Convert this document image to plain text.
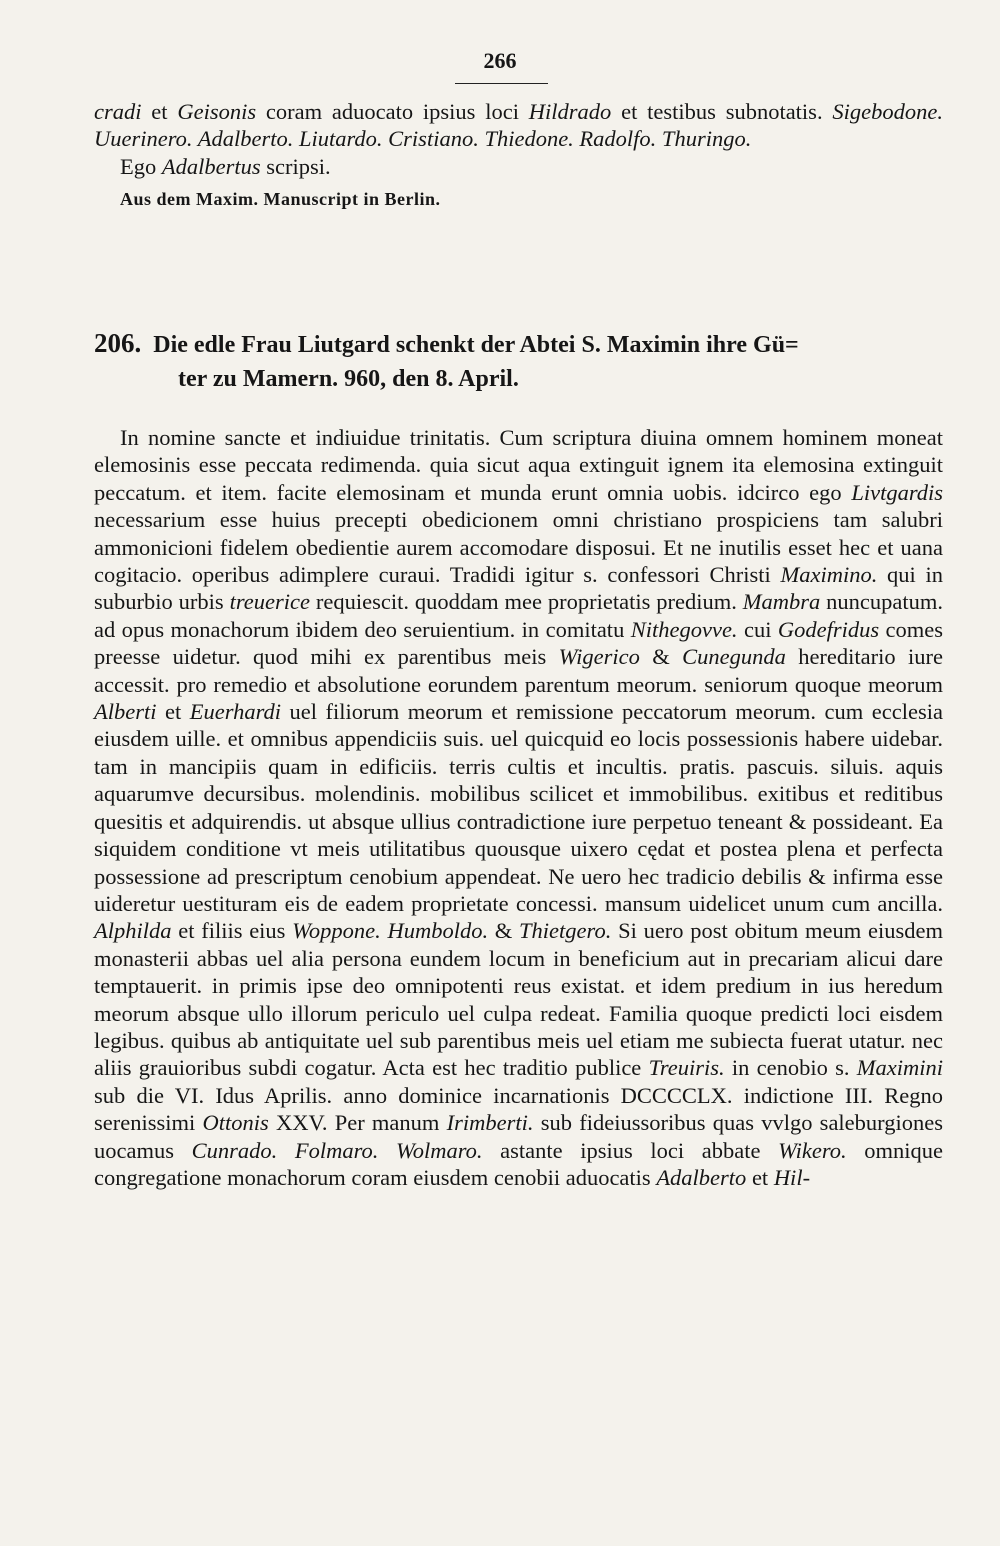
266

cradi et Geisonis coram aduocato ipsius loci Hildrado et testibus subnotatis. Sigebodone. Uuerinero. Adalberto. Liutardo. Cristiano. Thiedone. Radolfo. Thuringo.

Ego Adalbertus scripsi.

Aus dem Maxim. Manuscript in Berlin.

206. Die edle Frau Liutgard schenkt der Abtei S. Maximin ihre Gü=
ter zu Mamern. 960, den 8. April.

In nomine sancte et indiuidue trinitatis. Cum scriptura diuina omnem hominem moneat elemosinis esse peccata redimenda. quia sicut aqua extinguit ignem ita elemosina extinguit peccatum. et item. facite elemosinam et munda erunt omnia uobis. idcirco ego Livtgardis necessarium esse huius precepti obedicionem omni christiano prospiciens tam salubri ammonicioni fidelem obedientie aurem accomodare disposui. Et ne inutilis esset hec et uana cogitacio. operibus adimplere curaui. Tradidi igitur s. confessori Christi Maximino. qui in suburbio urbis treuerice requiescit. quoddam mee proprietatis predium. Mambra nuncupatum. ad opus monachorum ibidem deo seruientium. in comitatu Nithegovve. cui Godefridus comes preesse uidetur. quod mihi ex parentibus meis Wigerico & Cunegunda hereditario iure accessit. pro remedio et absolutione eorundem parentum meorum. seniorum quoque meorum Alberti et Euerhardi uel filiorum meorum et remissione peccatorum meorum. cum ecclesia eiusdem uille. et omnibus appendiciis suis. uel quicquid eo locis possessionis habere uidebar. tam in mancipiis quam in edificiis. terris cultis et incultis. pratis. pascuis. siluis. aquis aquarumve decursibus. molendinis. mobilibus scilicet et immobilibus. exitibus et reditibus quesitis et adquirendis. ut absque ullius contradictione iure perpetuo teneant & possideant. Ea siquidem conditione vt meis utilitatibus quousque uixero cędat et postea plena et perfecta possessione ad prescriptum cenobium appendeat. Ne uero hec tradicio debilis & infirma esse uideretur uestituram eis de eadem proprietate concessi. mansum uidelicet unum cum ancilla. Alphilda et filiis eius Woppone. Humboldo. & Thietgero. Si uero post obitum meum eiusdem monasterii abbas uel alia persona eundem locum in beneficium aut in precariam alicui dare temptauerit. in primis ipse deo omnipotenti reus existat. et idem predium in ius heredum meorum absque ullo illorum periculo uel culpa redeat. Familia quoque predicti loci eisdem legibus. quibus ab antiquitate uel sub parentibus meis uel etiam me subiecta fuerat utatur. nec aliis grauioribus subdi cogatur. Acta est hec traditio publice Treuiris. in cenobio s. Maximini sub die VI. Idus Aprilis. anno dominice incarnationis DCCCCLX. indictione III. Regno serenissimi Ottonis XXV. Per manum Irimberti. sub fideiussoribus quas vvlgo saleburgiones uocamus Cunrado. Folmaro. Wolmaro. astante ipsius loci abbate Wikero. omnique congregatione monachorum coram eiusdem cenobii aduocatis Adalberto et Hil-
